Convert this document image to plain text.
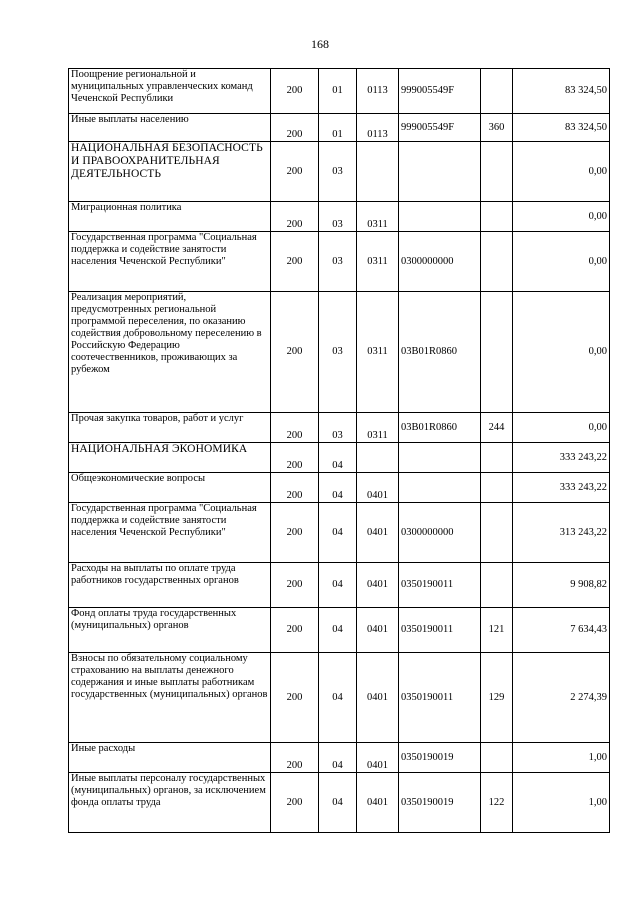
168
Поощрение региональной и муниципальных управленческих команд Чеченской Республики	200	01	0113	999005549F		83 324,50
Иные выплаты населению	200	01	0113	999005549F	360	83 324,50
НАЦИОНАЛЬНАЯ БЕЗОПАСНОСТЬ И ПРАВООХРАНИТЕЛЬНАЯ ДЕЯТЕЛЬНОСТЬ	200	03				0,00
Миграционная политика	200	03	0311			0,00
Государственная программа "Социальная поддержка и содействие занятости населения Чеченской Республики"	200	03	0311	0300000000		0,00
Реализация мероприятий, предусмотренных региональной программой переселения, по оказанию содействия добровольному переселению в Российскую Федерацию соотечественников, проживающих за рубежом	200	03	0311	03В01R0860		0,00
Прочая закупка товаров, работ и услуг	200	03	0311	03В01R0860	244	0,00
НАЦИОНАЛЬНАЯ ЭКОНОМИКА	200	04				333 243,22
Общеэкономические вопросы	200	04	0401			333 243,22
Государственная программа "Социальная поддержка и содействие занятости населения Чеченской Республики"	200	04	0401	0300000000		313 243,22
Расходы на выплаты по оплате труда работников государственных органов	200	04	0401	0350190011		9 908,82
Фонд оплаты труда государственных (муниципальных) органов	200	04	0401	0350190011	121	7 634,43
Взносы по обязательному социальному страхованию на выплаты денежного содержания и иные выплаты работникам государственных (муниципальных) органов	200	04	0401	0350190011	129	2 274,39
Иные расходы	200	04	0401	0350190019		1,00
Иные выплаты персоналу государственных (муниципальных) органов, за исключением фонда оплаты труда	200	04	0401	0350190019	122	1,00
